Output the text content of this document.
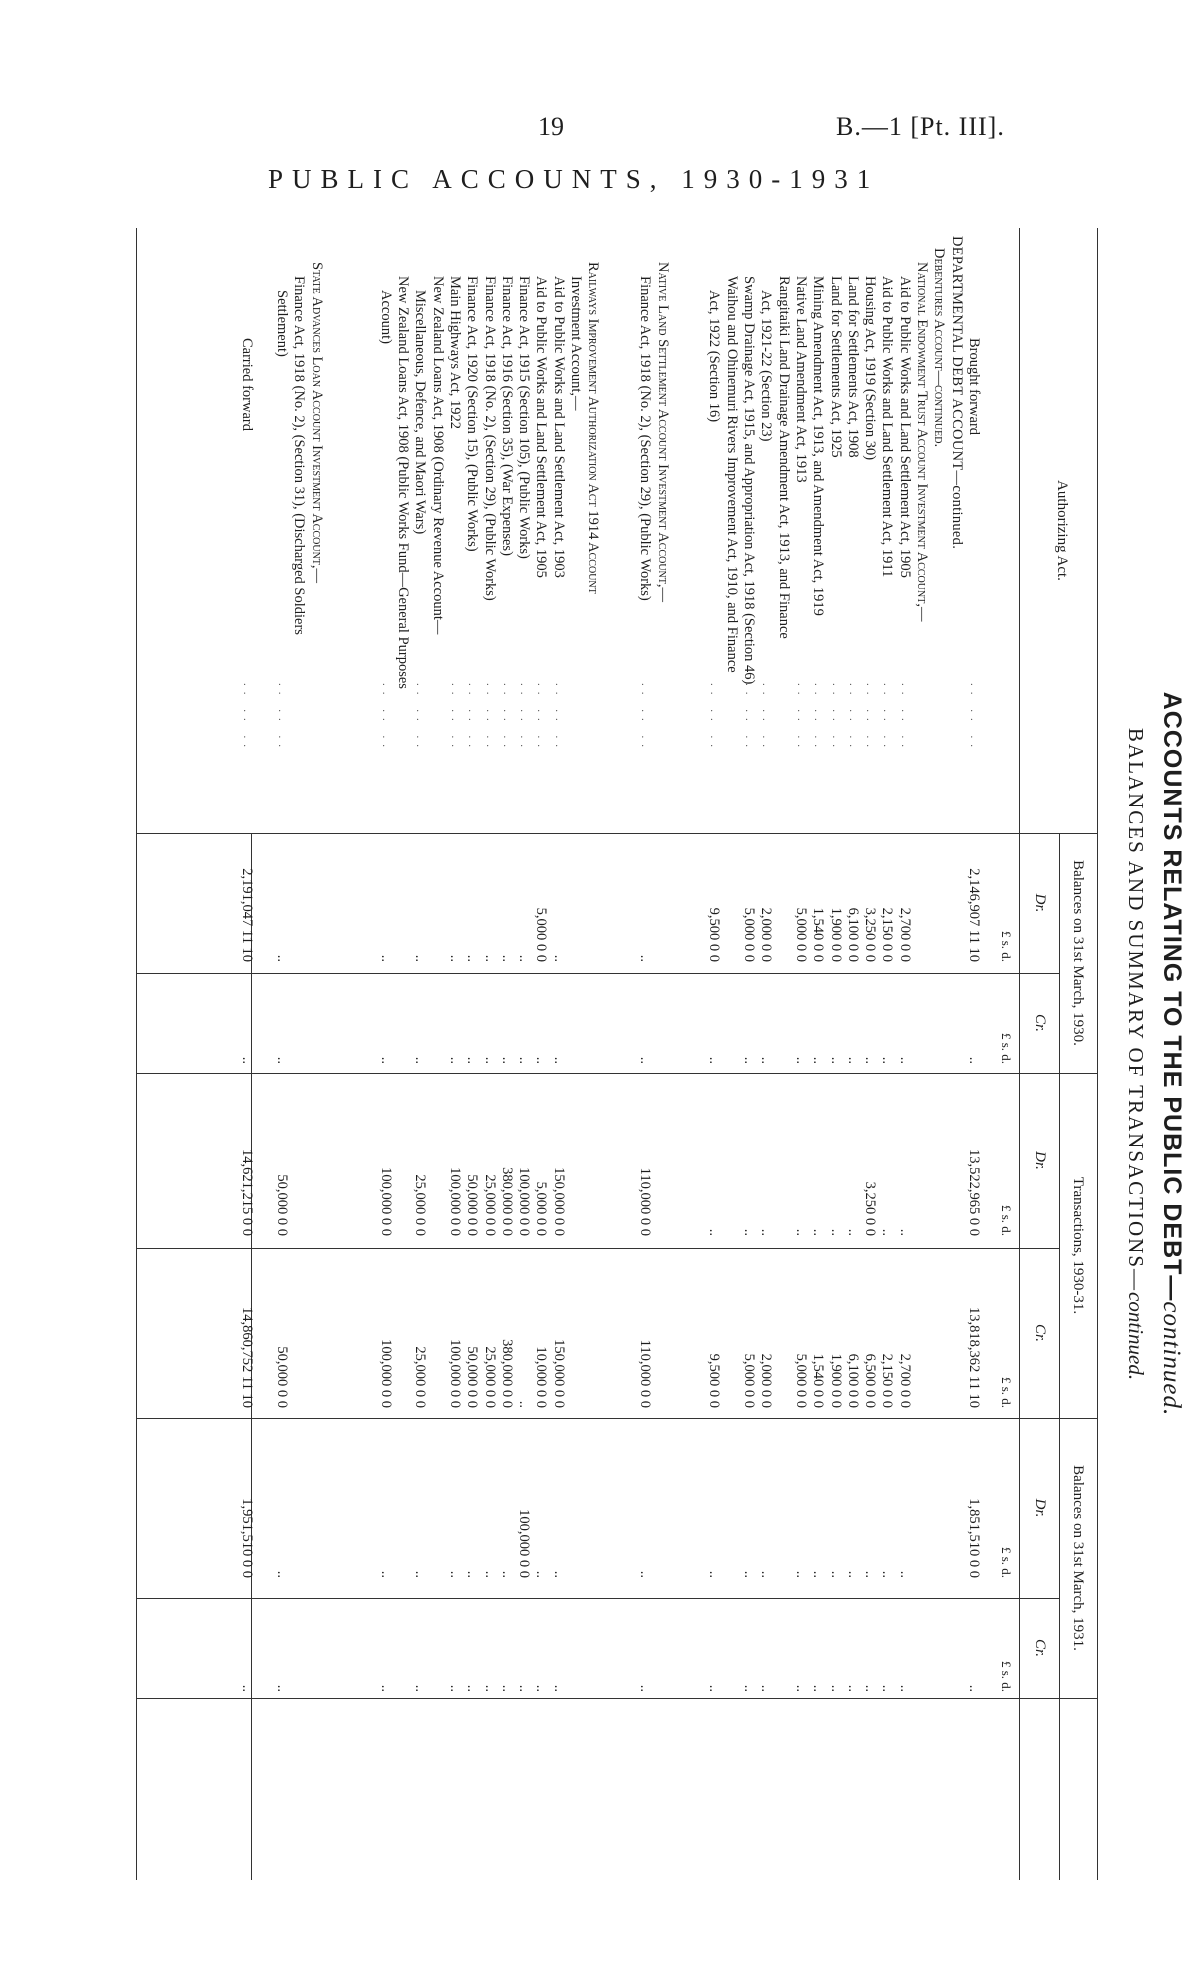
19	B.—1 [Pt. III].
PUBLIC ACCOUNTS, 1930-1931
ACCOUNTS RELATING TO THE PUBLIC DEBT—continued.
BALANCES AND SUMMARY OF TRANSACTIONS—continued.
Authorizing Act.
Balances on 31st March, 1930.
Transactions, 1930-31.
Balances on 31st March, 1931.
Dr.
Cr.
Dr.
Cr.
Dr.
Cr.
£ s. d.
£ s. d.
£ s. d.
£ s. d.
£ s. d.
£ s. d.
Brought forward
.. .. ..
2,146,907 11 10
..
13,522,965 0 0
13,818,362 11 10
1,851,510 0 0
..
DEPARTMENTAL DEBT ACCOUNT—continued.
Debentures Account—continued.
National Endowment Trust Account Investment Account,—
Aid to Public Works and Land Settlement Act, 1905
.. .. ..
2,700 0 0
..
..
2,700 0 0
..
..
Aid to Public Works and Land Settlement Act, 1911
.. .. ..
2,150 0 0
..
..
2,150 0 0
..
..
Housing Act, 1919 (Section 30)
.. .. ..
3,250 0 0
..
3,250 0 0
6,500 0 0
..
..
Land for Settlements Act, 1908
.. .. ..
6,100 0 0
..
..
6,100 0 0
..
..
Land for Settlements Act, 1925
.. .. ..
1,900 0 0
..
..
1,900 0 0
..
..
Mining Amendment Act, 1913, and Amendment Act, 1919
.. .. ..
1,540 0 0
..
..
1,540 0 0
..
..
Native Land Amendment Act, 1913
.. .. ..
5,000 0 0
..
..
5,000 0 0
..
..
Rangitaiki Land Drainage Amendment Act, 1913, and Finance
Act, 1921-22 (Section 23)
.. .. ..
2,000 0 0
..
..
2,000 0 0
..
..
Swamp Drainage Act, 1915, and Appropriation Act, 1918 (Section 46)
.. .. ..
5,000 0 0
..
..
5,000 0 0
..
..
Waihou and Ohinemuri Rivers Improvement Act, 1910, and Finance
Act, 1922 (Section 16)
.. .. ..
9,500 0 0
..
..
9,500 0 0
..
..
Native Land Settlement Account Investment Account,—
Finance Act, 1918 (No. 2), (Section 29), (Public Works)
.. .. ..
..
..
110,000 0 0
110,000 0 0
..
..
Railways Improvement Authorization Act 1914 Account
Investment Account,—
Aid to Public Works and Land Settlement Act, 1903
.. .. ..
..
..
150,000 0 0
150,000 0 0
..
..
Aid to Public Works and Land Settlement Act, 1905
.. .. ..
5,000 0 0
..
5,000 0 0
10,000 0 0
..
..
Finance Act, 1915 (Section 105), (Public Works)
.. .. ..
..
..
100,000 0 0
..
100,000 0 0
..
Finance Act, 1916 (Section 35), (War Expenses)
.. .. ..
..
..
380,000 0 0
380,000 0 0
..
..
Finance Act, 1918 (No. 2), (Section 29), (Public Works)
.. .. ..
..
..
25,000 0 0
25,000 0 0
..
..
Finance Act, 1920 (Section 15), (Public Works)
.. .. ..
..
..
50,000 0 0
50,000 0 0
..
..
Main Highways Act, 1922
.. .. ..
..
..
100,000 0 0
100,000 0 0
..
..
New Zealand Loans Act, 1908 (Ordinary Revenue Account—
Miscellaneous, Defence, and Maori Wars)
.. .. ..
..
..
25,000 0 0
25,000 0 0
..
..
New Zealand Loans Act, 1908 (Public Works Fund—General Purposes
Account)
.. .. ..
..
..
100,000 0 0
100,000 0 0
..
..
State Advances Loan Account Investment Account,—
Finance Act, 1918 (No. 2), (Section 31), (Discharged Soldiers
Settlement)
.. .. ..
..
..
50,000 0 0
50,000 0 0
..
..
Carried forward
.. .. ..
2,191,047 11 10
..
14,621,215 0 0
14,860,752 11 10
1,951,510 0 0
..
